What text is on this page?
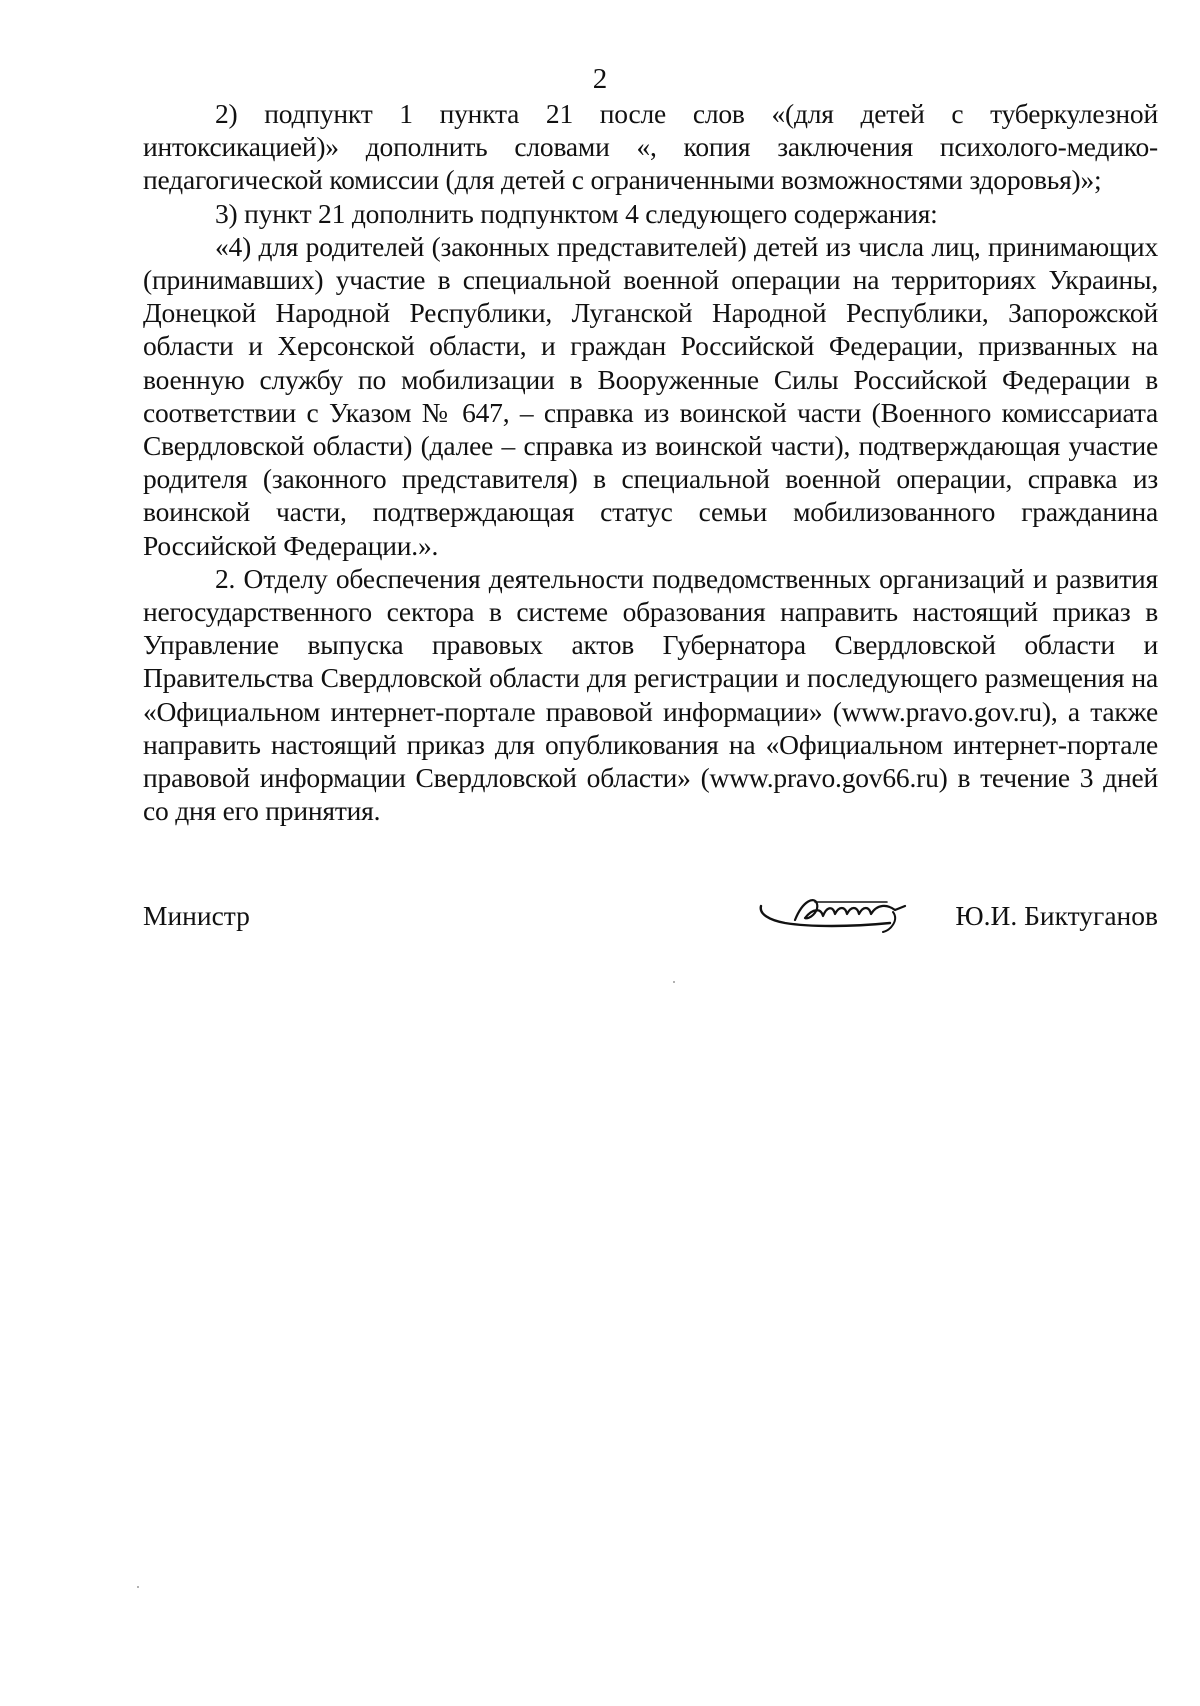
2

2) подпункт 1 пункта 21 после слов «(для детей с туберкулезной интоксикацией)» дополнить словами «, копия заключения психолого-медико-педагогической комиссии (для детей с ограниченными возможностями здоровья)»;

3) пункт 21 дополнить подпунктом 4 следующего содержания:

«4) для родителей (законных представителей) детей из числа лиц, принимающих (принимавших) участие в специальной военной операции на территориях Украины, Донецкой Народной Республики, Луганской Народной Республики, Запорожской области и Херсонской области, и граждан Российской Федерации, призванных на военную службу по мобилизации в Вооруженные Силы Российской Федерации в соответствии с Указом № 647, – справка из воинской части (Военного комиссариата Свердловской области) (далее – справка из воинской части), подтверждающая участие родителя (законного представителя) в специальной военной операции, справка из воинской части, подтверждающая статус семьи мобилизованного гражданина Российской Федерации.».

2. Отделу обеспечения деятельности подведомственных организаций и развития негосударственного сектора в системе образования направить настоящий приказ в Управление выпуска правовых актов Губернатора Свердловской области и Правительства Свердловской области для регистрации и последующего размещения на «Официальном интернет-портале правовой информации» (www.pravo.gov.ru), а также направить настоящий приказ для опубликования на «Официальном интернет-портале правовой информации Свердловской области» (www.pravo.gov66.ru) в течение 3 дней со дня его принятия.

Министр	Ю.И. Биктуганов
